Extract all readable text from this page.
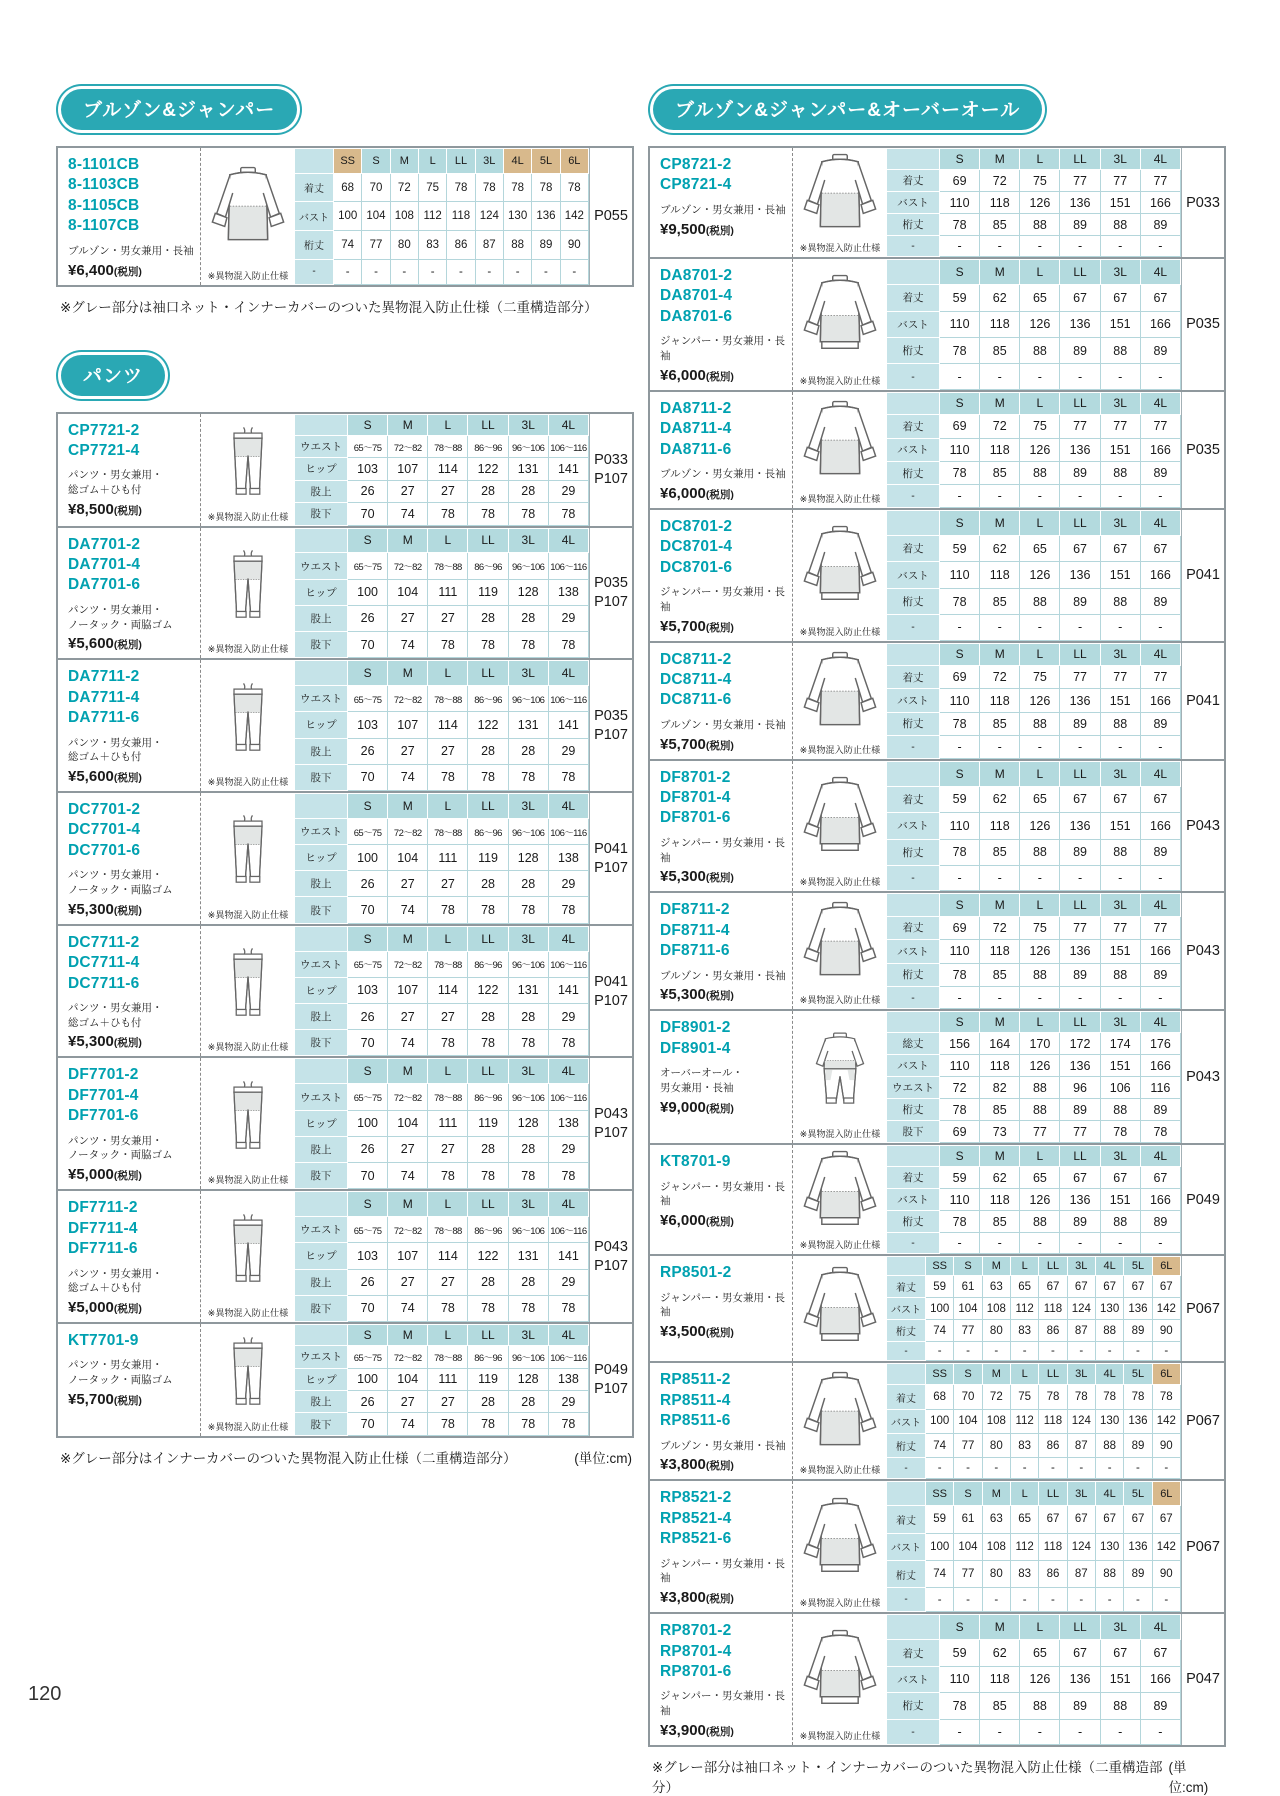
ブルゾン&ジャンパー
8-1101CB
8-1103CB
8-1105CB
8-1107CB
ブルゾン・男女兼用・長袖
¥6,400(税別)	※異物混入防止仕様
	SS	S	M	L	LL	3L	4L	5L	6L
着丈	68	70	72	75	78	78	78	78	78
バスト	100	104	108	112	118	124	130	136	142
桁丈	74	77	80	83	86	87	88	89	90
-	-	-	-	-	-	-	-	-	-
P055
※グレー部分は袖口ネット・インナーカバーのついた異物混入防止仕様（二重構造部分）
パンツ
CP7721-2
CP7721-4
パンツ・男女兼用・
総ゴム＋ひも付
¥8,500(税別)
※異物混入防止仕様
	S	M	L	LL	3L	4L
ウエスト	65～75	72～82	78～88	86～96	96～106	106～116
ヒップ	103	107	114	122	131	141
股上	26	27	27	28	28	29
股下	70	74	78	78	78	78
P033
P107
DA7701-2
DA7701-4
DA7701-6
パンツ・男女兼用・
ノータック・両脇ゴム
¥5,600(税別)	※異物混入防止仕様
	S	M	L	LL	3L	4L
ウエスト	65～75	72～82	78～88	86～96	96～106	106～116
ヒップ	100	104	111	119	128	138
股上	26	27	27	28	28	29
股下	70	74	78	78	78	78
P035
P107
DA7711-2
DA7711-4
DA7711-6
パンツ・男女兼用・
総ゴム＋ひも付
¥5,600(税別)	※異物混入防止仕様
	S	M	L	LL	3L	4L
ウエスト	65～75	72～82	78～88	86～96	96～106	106～116
ヒップ	103	107	114	122	131	141
股上	26	27	27	28	28	29
股下	70	74	78	78	78	78
P035
P107
DC7701-2
DC7701-4
DC7701-6
パンツ・男女兼用・
ノータック・両脇ゴム
¥5,300(税別)	※異物混入防止仕様
	S	M	L	LL	3L	4L
ウエスト	65～75	72～82	78～88	86～96	96～106	106～116
ヒップ	100	104	111	119	128	138
股上	26	27	27	28	28	29
股下	70	74	78	78	78	78
P041
P107
DC7711-2
DC7711-4
DC7711-6
パンツ・男女兼用・
総ゴム＋ひも付
¥5,300(税別)	※異物混入防止仕様
	S	M	L	LL	3L	4L
ウエスト	65～75	72～82	78～88	86～96	96～106	106～116
ヒップ	103	107	114	122	131	141
股上	26	27	27	28	28	29
股下	70	74	78	78	78	78
P041
P107
DF7701-2
DF7701-4
DF7701-6
パンツ・男女兼用・
ノータック・両脇ゴム
¥5,000(税別)	※異物混入防止仕様
	S	M	L	LL	3L	4L
ウエスト	65～75	72～82	78～88	86～96	96～106	106～116
ヒップ	100	104	111	119	128	138
股上	26	27	27	28	28	29
股下	70	74	78	78	78	78
P043
P107
DF7711-2
DF7711-4
DF7711-6
パンツ・男女兼用・
総ゴム＋ひも付
¥5,000(税別)	※異物混入防止仕様
	S	M	L	LL	3L	4L
ウエスト	65～75	72～82	78～88	86～96	96～106	106～116
ヒップ	103	107	114	122	131	141
股上	26	27	27	28	28	29
股下	70	74	78	78	78	78
P043
P107
KT7701-9
パンツ・男女兼用・
ノータック・両脇ゴム
¥5,700(税別)
※異物混入防止仕様
	S	M	L	LL	3L	4L
ウエスト	65～75	72～82	78～88	86～96	96～106	106～116
ヒップ	100	104	111	119	128	138
股上	26	27	27	28	28	29
股下	70	74	78	78	78	78
P049
P107
※グレー部分はインナーカバーのついた異物混入防止仕様（二重構造部分）	(単位:cm)
ブルゾン&ジャンパー&オーバーオール
CP8721-2
CP8721-4
ブルゾン・男女兼用・長袖
¥9,500(税別)
※異物混入防止仕様
	S	M	L	LL	3L	4L
着丈	69	72	75	77	77	77
バスト	110	118	126	136	151	166
桁丈	78	85	88	89	88	89
-	-	-	-	-	-	-
P033
DA8701-2
DA8701-4
DA8701-6
ジャンパー・男女兼用・長袖
¥6,000(税別)	※異物混入防止仕様
	S	M	L	LL	3L	4L
着丈	59	62	65	67	67	67
バスト	110	118	126	136	151	166
桁丈	78	85	88	89	88	89
-	-	-	-	-	-	-
P035
DA8711-2
DA8711-4
DA8711-6
ブルゾン・男女兼用・長袖
¥6,000(税別)	※異物混入防止仕様
	S	M	L	LL	3L	4L
着丈	69	72	75	77	77	77
バスト	110	118	126	136	151	166
桁丈	78	85	88	89	88	89
-	-	-	-	-	-	-
P035
DC8701-2
DC8701-4
DC8701-6
ジャンパー・男女兼用・長袖
¥5,700(税別)	※異物混入防止仕様
	S	M	L	LL	3L	4L
着丈	59	62	65	67	67	67
バスト	110	118	126	136	151	166
桁丈	78	85	88	89	88	89
-	-	-	-	-	-	-
P041
DC8711-2
DC8711-4
DC8711-6
ブルゾン・男女兼用・長袖
¥5,700(税別)	※異物混入防止仕様
	S	M	L	LL	3L	4L
着丈	69	72	75	77	77	77
バスト	110	118	126	136	151	166
桁丈	78	85	88	89	88	89
-	-	-	-	-	-	-
P041
DF8701-2
DF8701-4
DF8701-6
ジャンパー・男女兼用・長袖
¥5,300(税別)	※異物混入防止仕様
	S	M	L	LL	3L	4L
着丈	59	62	65	67	67	67
バスト	110	118	126	136	151	166
桁丈	78	85	88	89	88	89
-	-	-	-	-	-	-
P043
DF8711-2
DF8711-4
DF8711-6
ブルゾン・男女兼用・長袖
¥5,300(税別)	※異物混入防止仕様
	S	M	L	LL	3L	4L
着丈	69	72	75	77	77	77
バスト	110	118	126	136	151	166
桁丈	78	85	88	89	88	89
-	-	-	-	-	-	-
P043
DF8901-2
DF8901-4
オーバーオール・
男女兼用・長袖
¥9,000(税別)
※異物混入防止仕様
	S	M	L	LL	3L	4L
総丈	156	164	170	172	174	176
バスト	110	118	126	136	151	166
ウエスト	72	82	88	96	106	116
桁丈	78	85	88	89	88	89
股下	69	73	77	77	78	78
P043
KT8701-9
ジャンパー・男女兼用・長袖
¥6,000(税別)
※異物混入防止仕様
	S	M	L	LL	3L	4L
着丈	59	62	65	67	67	67
バスト	110	118	126	136	151	166
桁丈	78	85	88	89	88	89
-	-	-	-	-	-	-
P049
RP8501-2
ジャンパー・男女兼用・長袖
¥3,500(税別)
	SS	S	M	L	LL	3L	4L	5L	6L
着丈	59	61	63	65	67	67	67	67	67
バスト	100	104	108	112	118	124	130	136	142
桁丈	74	77	80	83	86	87	88	89	90
-	-	-	-	-	-	-	-	-	-
P067
RP8511-2
RP8511-4
RP8511-6
ブルゾン・男女兼用・長袖
¥3,800(税別)	※異物混入防止仕様
	SS	S	M	L	LL	3L	4L	5L	6L
着丈	68	70	72	75	78	78	78	78	78
バスト	100	104	108	112	118	124	130	136	142
桁丈	74	77	80	83	86	87	88	89	90
-	-	-	-	-	-	-	-	-	-
P067
RP8521-2
RP8521-4
RP8521-6
ジャンパー・男女兼用・長袖
¥3,800(税別)	※異物混入防止仕様
	SS	S	M	L	LL	3L	4L	5L	6L
着丈	59	61	63	65	67	67	67	67	67
バスト	100	104	108	112	118	124	130	136	142
桁丈	74	77	80	83	86	87	88	89	90
-	-	-	-	-	-	-	-	-	-
P067
RP8701-2
RP8701-4
RP8701-6
ジャンパー・男女兼用・長袖
¥3,900(税別)	※異物混入防止仕様
	S	M	L	LL	3L	4L
着丈	59	62	65	67	67	67
バスト	110	118	126	136	151	166
桁丈	78	85	88	89	88	89
-	-	-	-	-	-	-
P047
※グレー部分は袖口ネット・インナーカバーのついた異物混入防止仕様（二重構造部分）
(単位:cm)
120
